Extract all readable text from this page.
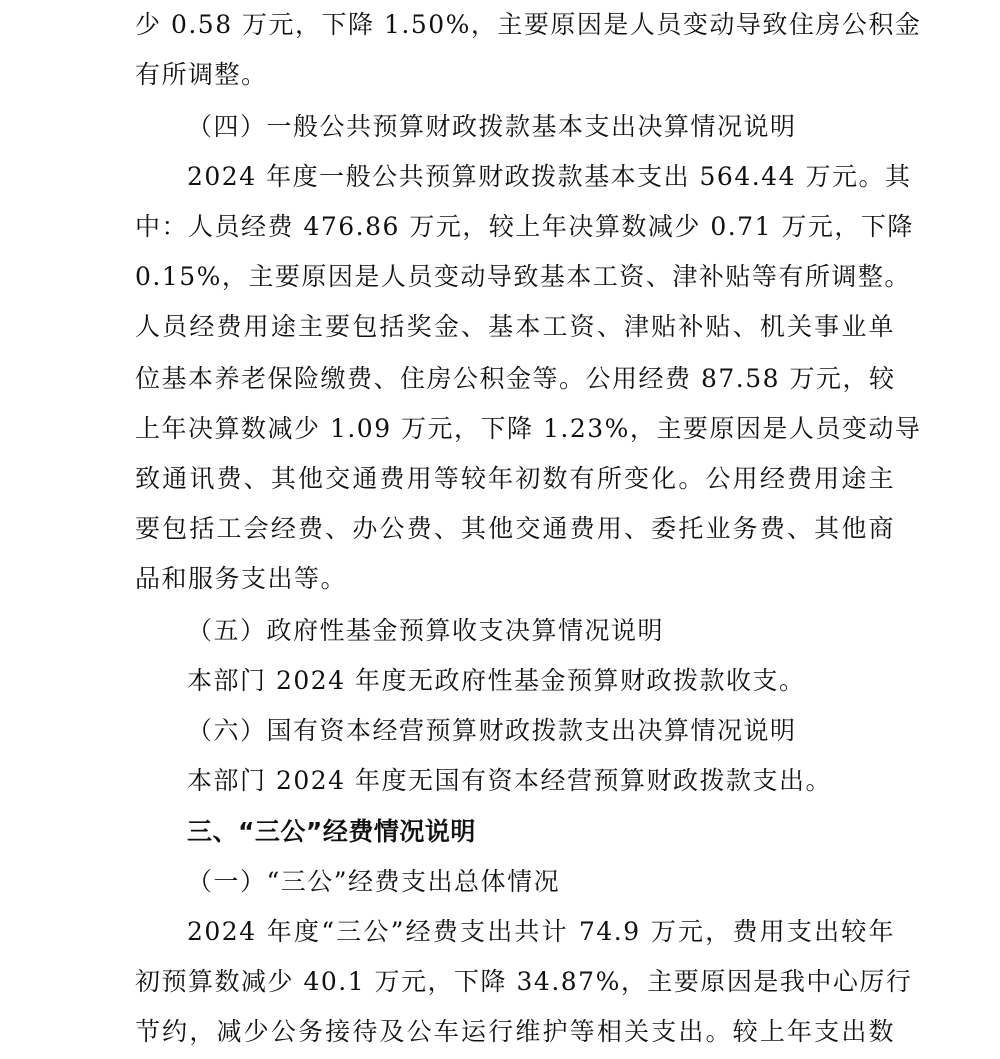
少 0.58 万元，下降 1.50%，主要原因是人员变动导致住房公积金
有所调整。
（四）一般公共预算财政拨款基本支出决算情况说明
2024 年度一般公共预算财政拨款基本支出 564.44 万元。其
中：人员经费 476.86 万元，较上年决算数减少 0.71 万元，下降
0.15%，主要原因是人员变动导致基本工资、津补贴等有所调整。
人员经费用途主要包括奖金、基本工资、津贴补贴、机关事业单
位基本养老保险缴费、住房公积金等。公用经费 87.58 万元，较
上年决算数减少 1.09 万元，下降 1.23%，主要原因是人员变动导
致通讯费、其他交通费用等较年初数有所变化。公用经费用途主
要包括工会经费、办公费、其他交通费用、委托业务费、其他商
品和服务支出等。
（五）政府性基金预算收支决算情况说明
本部门 2024 年度无政府性基金预算财政拨款收支。
（六）国有资本经营预算财政拨款支出决算情况说明
本部门 2024 年度无国有资本经营预算财政拨款支出。
三、“三公”经费情况说明
（一）“三公”经费支出总体情况
2024 年度“三公”经费支出共计 74.9 万元，费用支出较年
初预算数减少 40.1 万元，下降 34.87%，主要原因是我中心厉行
节约，减少公务接待及公车运行维护等相关支出。较上年支出数
